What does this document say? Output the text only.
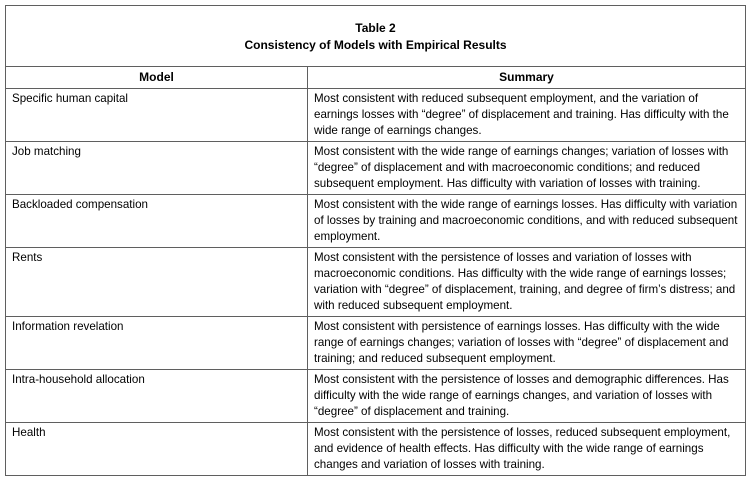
Table 2
Consistency of Models with Empirical Results	

Model	Summary
Specific human capital	Most consistent with reduced subsequent employment, and the variation of earnings losses with “degree” of displacement and training. Has difficulty with the wide range of earnings changes.
Job matching	Most consistent with the wide range of earnings changes; variation of losses with “degree” of displacement and with macroeconomic conditions; and reduced subsequent employment. Has difficulty with variation of losses with training.
Backloaded compensation	Most consistent with the wide range of earnings losses. Has difficulty with variation of losses by training and macroeconomic conditions, and with reduced subsequent employment.
Rents	Most consistent with the persistence of losses and variation of losses with macroeconomic conditions. Has difficulty with the wide range of earnings losses; variation with “degree” of displacement, training, and degree of firm’s distress; and with reduced subsequent employment.
Information revelation	Most consistent with persistence of earnings losses. Has difficulty with the wide range of earnings changes; variation of losses with “degree” of displacement and training; and reduced subsequent employment.
Intra-household allocation	Most consistent with the persistence of losses and demographic differences. Has difficulty with the wide range of earnings changes, and variation of losses with “degree” of displacement and training.
Health	Most consistent with the persistence of losses, reduced subsequent employment, and evidence of health effects. Has difficulty with the wide range of earnings changes and variation of losses with training.
